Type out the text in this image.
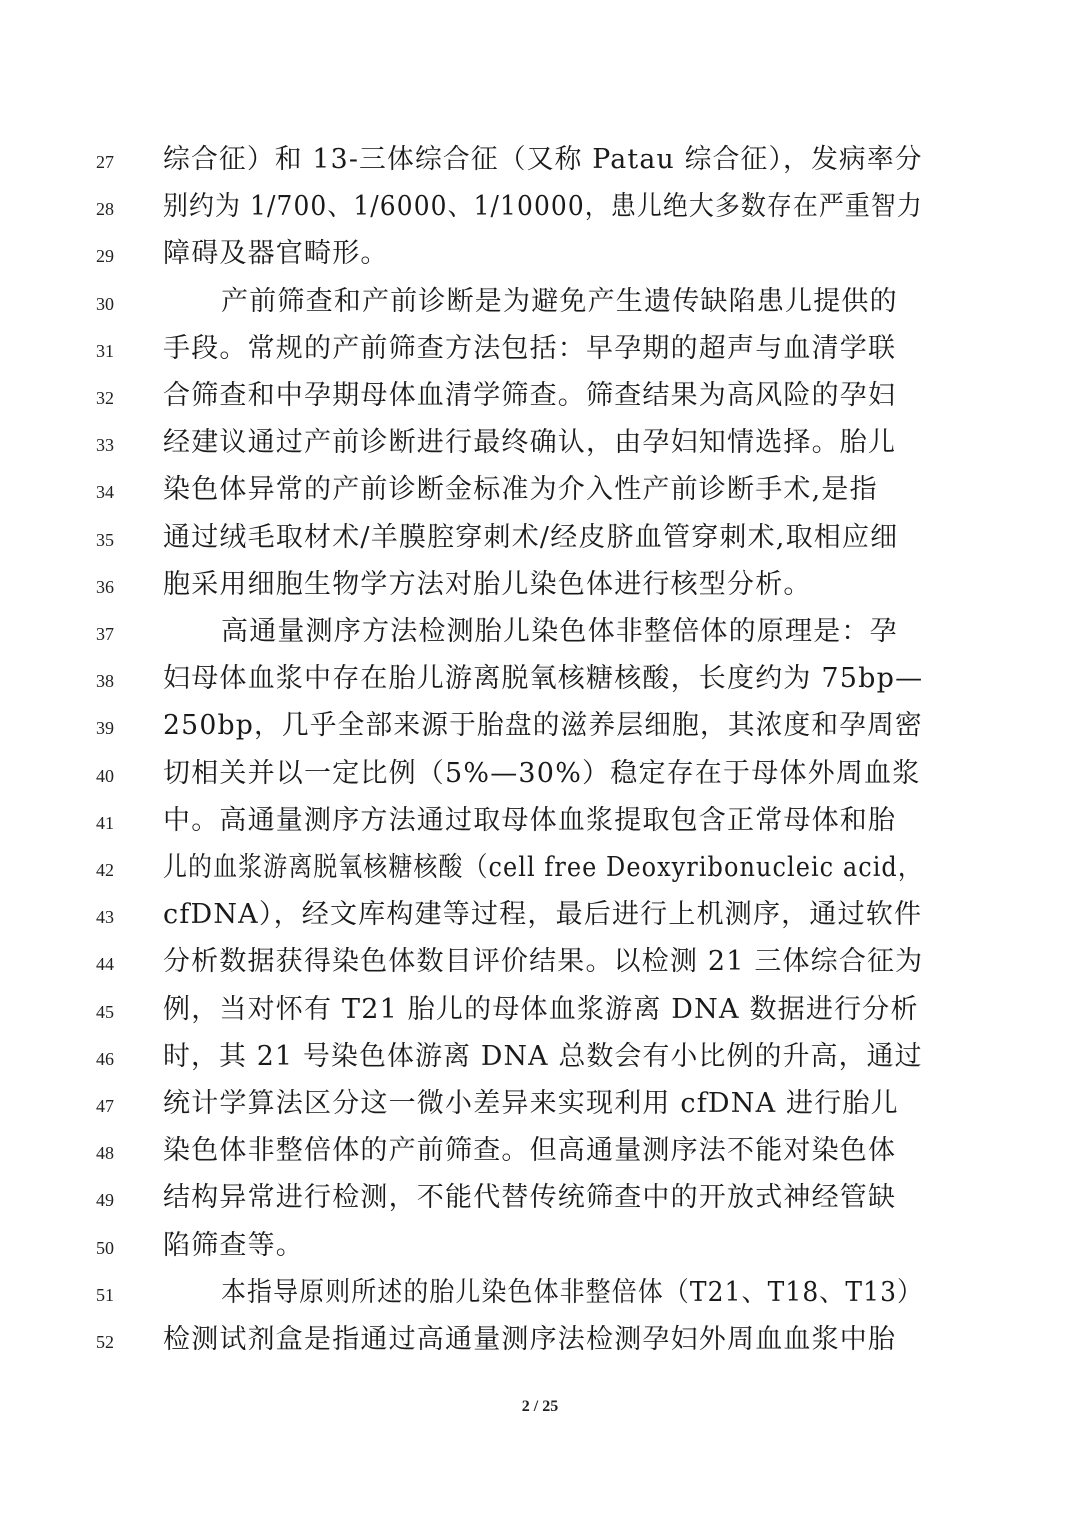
27	综合征）和 13-三体综合征（又称 Patau 综合征），发病率分
28	别约为 1/700、1/6000、1/10000，患儿绝大多数存在严重智力
29	障碍及器官畸形。
30	产前筛查和产前诊断是为避免产生遗传缺陷患儿提供的
31	手段。常规的产前筛查方法包括：早孕期的超声与血清学联
32	合筛查和中孕期母体血清学筛查。筛查结果为高风险的孕妇
33	经建议通过产前诊断进行最终确认，由孕妇知情选择。胎儿
34	染色体异常的产前诊断金标准为介入性产前诊断手术,是指
35	通过绒毛取材术/羊膜腔穿刺术/经皮脐血管穿刺术,取相应细
36	胞采用细胞生物学方法对胎儿染色体进行核型分析。
37	高通量测序方法检测胎儿染色体非整倍体的原理是：孕
38	妇母体血浆中存在胎儿游离脱氧核糖核酸，长度约为 75bp—
39	250bp，几乎全部来源于胎盘的滋养层细胞，其浓度和孕周密
40	切相关并以一定比例（5%—30%）稳定存在于母体外周血浆
41	中。高通量测序方法通过取母体血浆提取包含正常母体和胎
42	儿的血浆游离脱氧核糖核酸（cell free Deoxyribonucleic acid，
43	cfDNA），经文库构建等过程，最后进行上机测序，通过软件
44	分析数据获得染色体数目评价结果。以检测 21 三体综合征为
45	例，当对怀有 T21 胎儿的母体血浆游离 DNA 数据进行分析
46	时，其 21 号染色体游离 DNA 总数会有小比例的升高，通过
47	统计学算法区分这一微小差异来实现利用 cfDNA 进行胎儿
48	染色体非整倍体的产前筛查。但高通量测序法不能对染色体
49	结构异常进行检测，不能代替传统筛查中的开放式神经管缺
50	陷筛查等。
51	本指导原则所述的胎儿染色体非整倍体（T21、T18、T13）
52	检测试剂盒是指通过高通量测序法检测孕妇外周血血浆中胎
2 / 25
